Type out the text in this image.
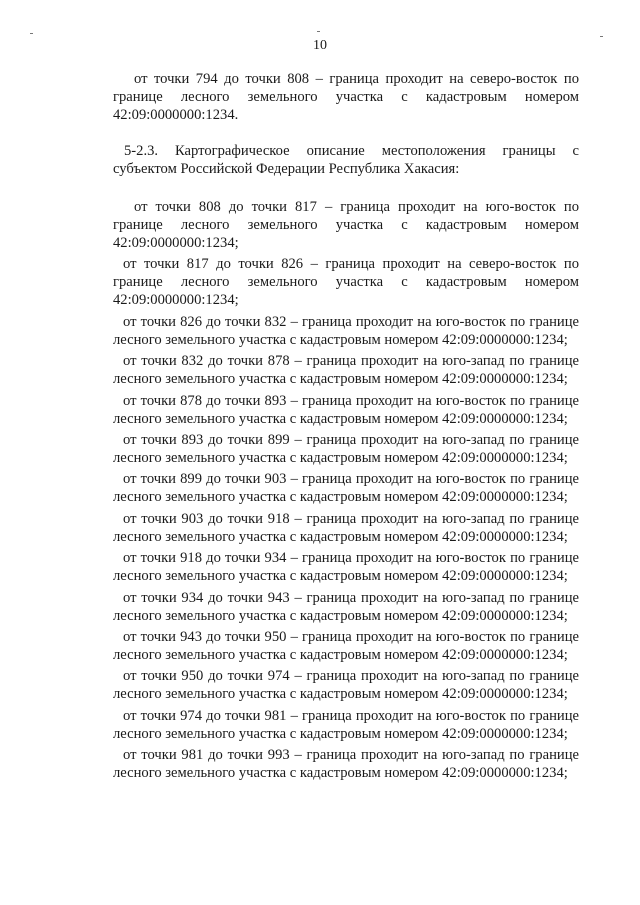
10

от точки 794 до точки 808 – граница проходит на северо-восток по границе лесного земельного участка с кадастровым номером 42:09:0000000:1234.

5-2.3. Картографическое описание местоположения границы с субъектом Российской Федерации Республика Хакасия:

от точки 808 до точки 817 – граница проходит на юго-восток по границе лесного земельного участка с кадастровым номером 42:09:0000000:1234;

от точки 817 до точки 826 – граница проходит на северо-восток по границе лесного земельного участка с кадастровым номером 42:09:0000000:1234;

от точки 826 до точки 832 – граница проходит на юго-восток по границе лесного земельного участка с кадастровым номером 42:09:0000000:1234;

от точки 832 до точки 878 – граница проходит на юго-запад по границе лесного земельного участка с кадастровым номером 42:09:0000000:1234;

от точки 878 до точки 893 – граница проходит на юго-восток по границе лесного земельного участка с кадастровым номером 42:09:0000000:1234;

от точки 893 до точки 899 – граница проходит на юго-запад по границе лесного земельного участка с кадастровым номером 42:09:0000000:1234;

от точки 899 до точки 903 – граница проходит на юго-восток по границе лесного земельного участка с кадастровым номером 42:09:0000000:1234;

от точки 903 до точки 918 – граница проходит на юго-запад по границе лесного земельного участка с кадастровым номером 42:09:0000000:1234;

от точки 918 до точки 934 – граница проходит на юго-восток по границе лесного земельного участка с кадастровым номером 42:09:0000000:1234;

от точки 934 до точки 943 – граница проходит на юго-запад по границе лесного земельного участка с кадастровым номером 42:09:0000000:1234;

от точки 943 до точки 950 – граница проходит на юго-восток по границе лесного земельного участка с кадастровым номером 42:09:0000000:1234;

от точки 950 до точки 974 – граница проходит на юго-запад по границе лесного земельного участка с кадастровым номером 42:09:0000000:1234;

от точки 974 до точки 981 – граница проходит на юго-восток по границе лесного земельного участка с кадастровым номером 42:09:0000000:1234;

от точки 981 до точки 993 – граница проходит на юго-запад по границе лесного земельного участка с кадастровым номером 42:09:0000000:1234;
